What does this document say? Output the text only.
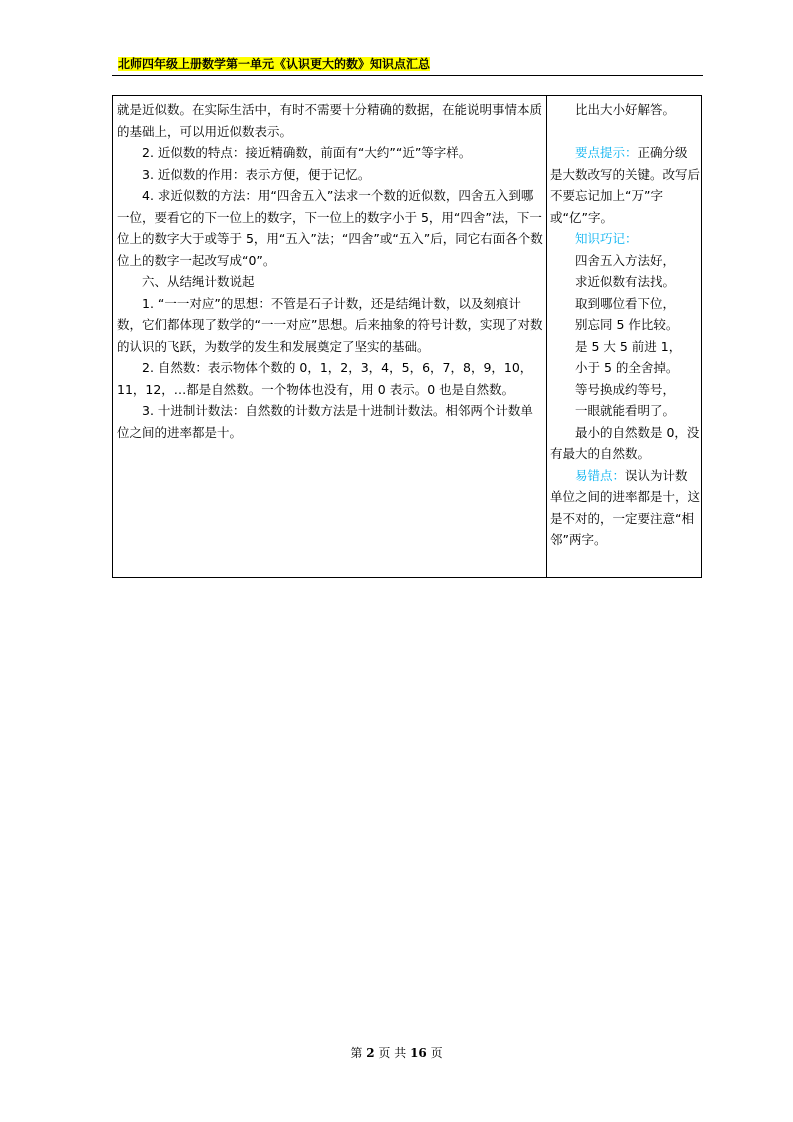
北师四年级上册数学第一单元《认识更大的数》知识点汇总

就是近似数。在实际生活中，有时不需要十分精确的数据，在能说明事情本质的基础上，可以用近似数表示。

2. 近似数的特点：接近精确数，前面有“大约”“近”等字样。

3. 近似数的作用：表示方便，便于记忆。

4. 求近似数的方法：用“四舍五入”法求一个数的近似数，四舍五入到哪一位，要看它的下一位上的数字，下一位上的数字小于 5，用“四舍”法，下一位上的数字大于或等于 5，用“五入”法；“四舍”或“五入”后，同它右面各个数位上的数字一起改写成“0”。

六、从结绳计数说起

1. “一一对应”的思想：不管是石子计数，还是结绳计数，以及刻痕计数，它们都体现了数学的“一一对应”思想。后来抽象的符号计数，实现了对数的认识的飞跃，为数学的发生和发展奠定了坚实的基础。

2. 自然数：表示物体个数的 0，1，2，3，4，5，6，7，8，9，10，11，12，…都是自然数。一个物体也没有，用 0 表示。0 也是自然数。

3. 十进制计数法：自然数的计数方法是十进制计数法。相邻两个计数单位之间的进率都是十。

比出大小好解答。

要点提示：正确分级是大数改写的关键。改写后不要忘记加上“万”字或“亿”字。

知识巧记：

四舍五入方法好，

求近似数有法找。

取到哪位看下位，

别忘同 5 作比较。

是 5 大 5 前进 1，

小于 5 的全舍掉。

等号换成约等号，

一眼就能看明了。

最小的自然数是 0，没有最大的自然数。

易错点：误认为计数单位之间的进率都是十，这是不对的，一定要注意“相邻”两字。

第 2 页 共 16 页
